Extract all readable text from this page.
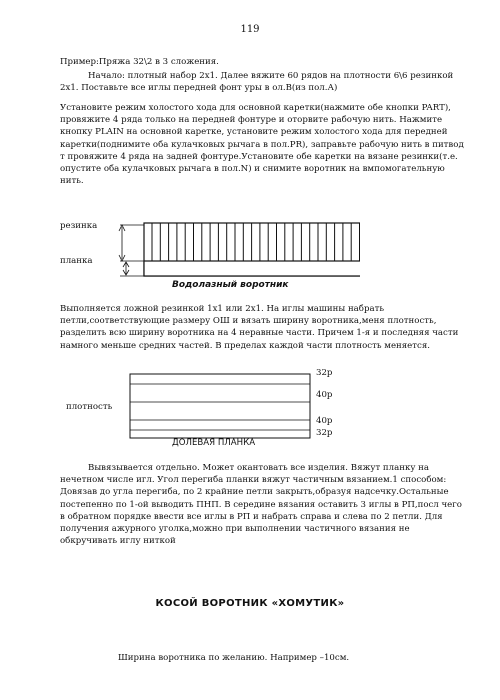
119
Пример:Пряжа 32\2 в 3 сложения.
Начало: плотный набор 2х1. Далее вяжите 60 рядов на плотности 6\6 резинкой 2х1. Поставьте все иглы передней фонт уры в ол.В(из пол.А)
Установите режим холостого хода для основной каретки(нажмите обе кнопки PART), провяжите 4 ряда только на передней фонтуре и оторвите рабочую нить. Нажмите кнопку PLAIN на основной каретке, установите режим холостого хода для передней каретки(поднимите оба кулачковых рычага в пол.PR), заправьте рабочую нить в питвод т провяжите 4 ряда на задней фонтуре.Установите обе каретки на вязане резинки(т.е. опустите оба кулачковых рычага в пол.N) и снимите воротник на вмпомогательную нить.
резинка
планка
Водолазный воротник
Выполняется ложной резинкой 1х1 или 2х1. На иглы машины набрать петли,соответствующие размеру ОШ и вязать ширину воротника,меня плотность, разделить всю ширину воротника на 4 неравные части. Причем 1-я и последняя части намного меньше средних частей. В пределах каждой части плотность меняется.
32р
40р
плотность
40р
32р
ДОЛЕВАЯ ПЛАНКА
Вывязывается отдельно. Может окантовать все изделия. Вяжут планку на нечетном числе игл. Угол перегиба планки вяжут частичным вязанием.1 способом: Довязав до угла перегиба, по 2 крайние петли закрыть,образуя надсечку.Остальные постепенно по 1-ой выводить ПНП. В середине вязания оставить 3 иглы в РП,посл чего в обратном порядке ввести все иглы в РП и набрать справа и слева по 2 петли. Для получения ажурного уголка,можно при выполнении частичного вязания не обкручивать иглу ниткой
КОСОЙ ВОРОТНИК «ХОМУТИК»
Ширина воротника по желанию. Например –10см.
